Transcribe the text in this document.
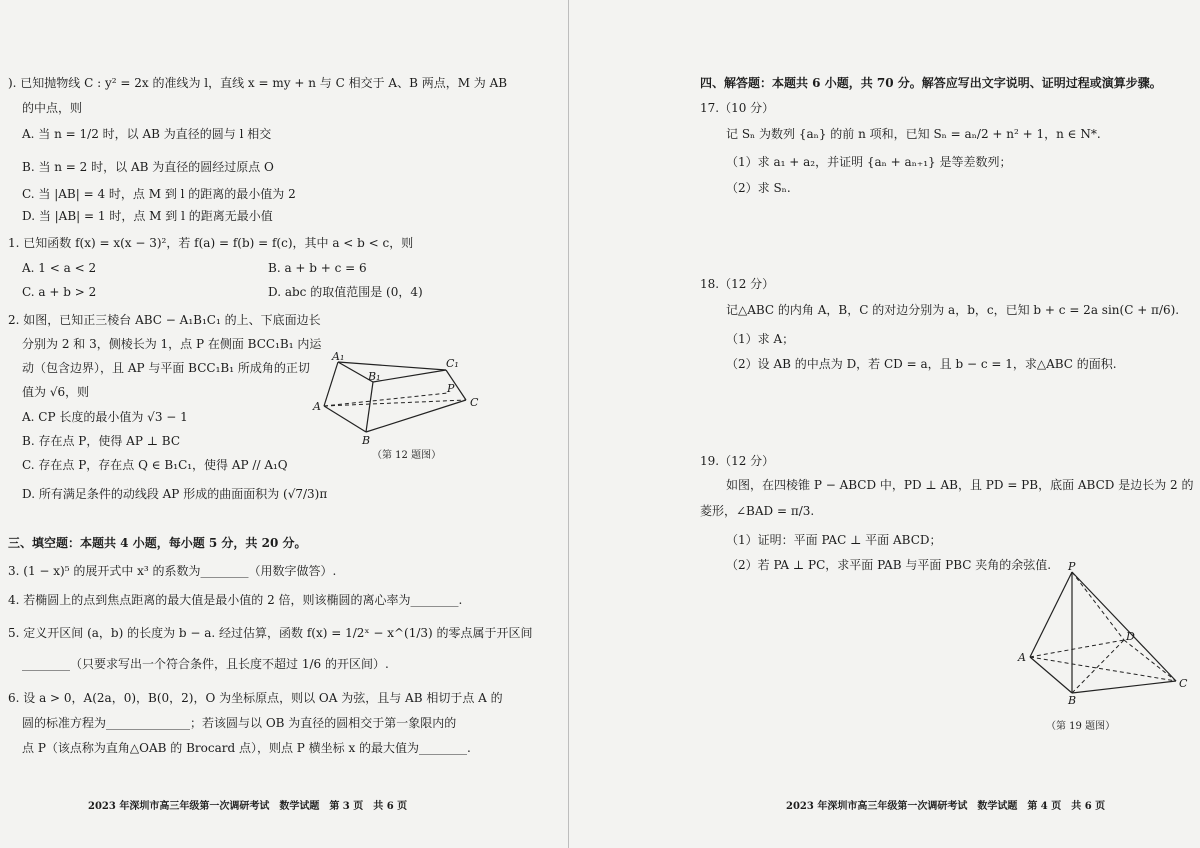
). 已知抛物线 C : y² = 2x 的准线为 l，直线 x = my + n 与 C 相交于 A、B 两点，M 为 AB
的中点，则
A. 当 n = 1/2 时，以 AB 为直径的圆与 l 相交
B. 当 n = 2 时，以 AB 为直径的圆经过原点 O
C. 当 |AB| = 4 时，点 M 到 l 的距离的最小值为 2
D. 当 |AB| = 1 时，点 M 到 l 的距离无最小值
1. 已知函数 f(x) = x(x − 3)²，若 f(a) = f(b) = f(c)，其中 a < b < c，则
A. 1 < a < 2	B. a + b + c = 6
C. a + b > 2	D. abc 的取值范围是 (0，4)
2. 如图，已知正三棱台 ABC − A₁B₁C₁ 的上、下底面边长
分别为 2 和 3，侧棱长为 1，点 P 在侧面 BCC₁B₁ 内运
动（包含边界），且 AP 与平面 BCC₁B₁ 所成角的正切
值为 √6，则
A. CP 长度的最小值为 √3 − 1
B. 存在点 P，使得 AP ⊥ BC
C. 存在点 P，存在点 Q ∈ B₁C₁，使得 AP // A₁Q
D. 所有满足条件的动线段 AP 形成的曲面面积为 (√7/3)π
A₁
B₁
C₁
A
B
C
P
（第 12 题图）
三、填空题：本题共 4 小题，每小题 5 分，共 20 分。
3. (1 − x)⁵ 的展开式中 x³ 的系数为________（用数字做答）.
4. 若椭圆上的点到焦点距离的最大值是最小值的 2 倍，则该椭圆的离心率为________.
5. 定义开区间 (a，b) 的长度为 b − a. 经过估算，函数 f(x) = 1/2ˣ − x^(1/3) 的零点属于开区间
________（只要求写出一个符合条件，且长度不超过 1/6 的开区间）.
6. 设 a > 0，A(2a，0)，B(0，2)，O 为坐标原点，则以 OA 为弦，且与 AB 相切于点 A 的
圆的标准方程为______________；若该圆与以 OB 为直径的圆相交于第一象限内的
点 P（该点称为直角△OAB 的 Brocard 点），则点 P 横坐标 x 的最大值为________.
2023 年深圳市高三年级第一次调研考试　数学试题　第 3 页　共 6 页
四、解答题：本题共 6 小题，共 70 分。解答应写出文字说明、证明过程或演算步骤。
17.（10 分）
记 Sₙ 为数列 {aₙ} 的前 n 项和，已知 Sₙ = aₙ/2 + n² + 1，n ∈ N*.
（1）求 a₁ + a₂，并证明 {aₙ + aₙ₊₁} 是等差数列；
（2）求 Sₙ.
18.（12 分）
记△ABC 的内角 A，B，C 的对边分别为 a，b，c，已知 b + c = 2a sin(C + π/6).
（1）求 A；
（2）设 AB 的中点为 D，若 CD = a，且 b − c = 1，求△ABC 的面积.
19.（12 分）
如图，在四棱锥 P − ABCD 中，PD ⊥ AB，且 PD = PB，底面 ABCD 是边长为 2 的
菱形，∠BAD = π/3.
（1）证明：平面 PAC ⊥ 平面 ABCD；
（2）若 PA ⊥ PC，求平面 PAB 与平面 PBC 夹角的余弦值. P
A
B
C
D
（第 19 题图）
2023 年深圳市高三年级第一次调研考试　数学试题　第 4 页　共 6 页
